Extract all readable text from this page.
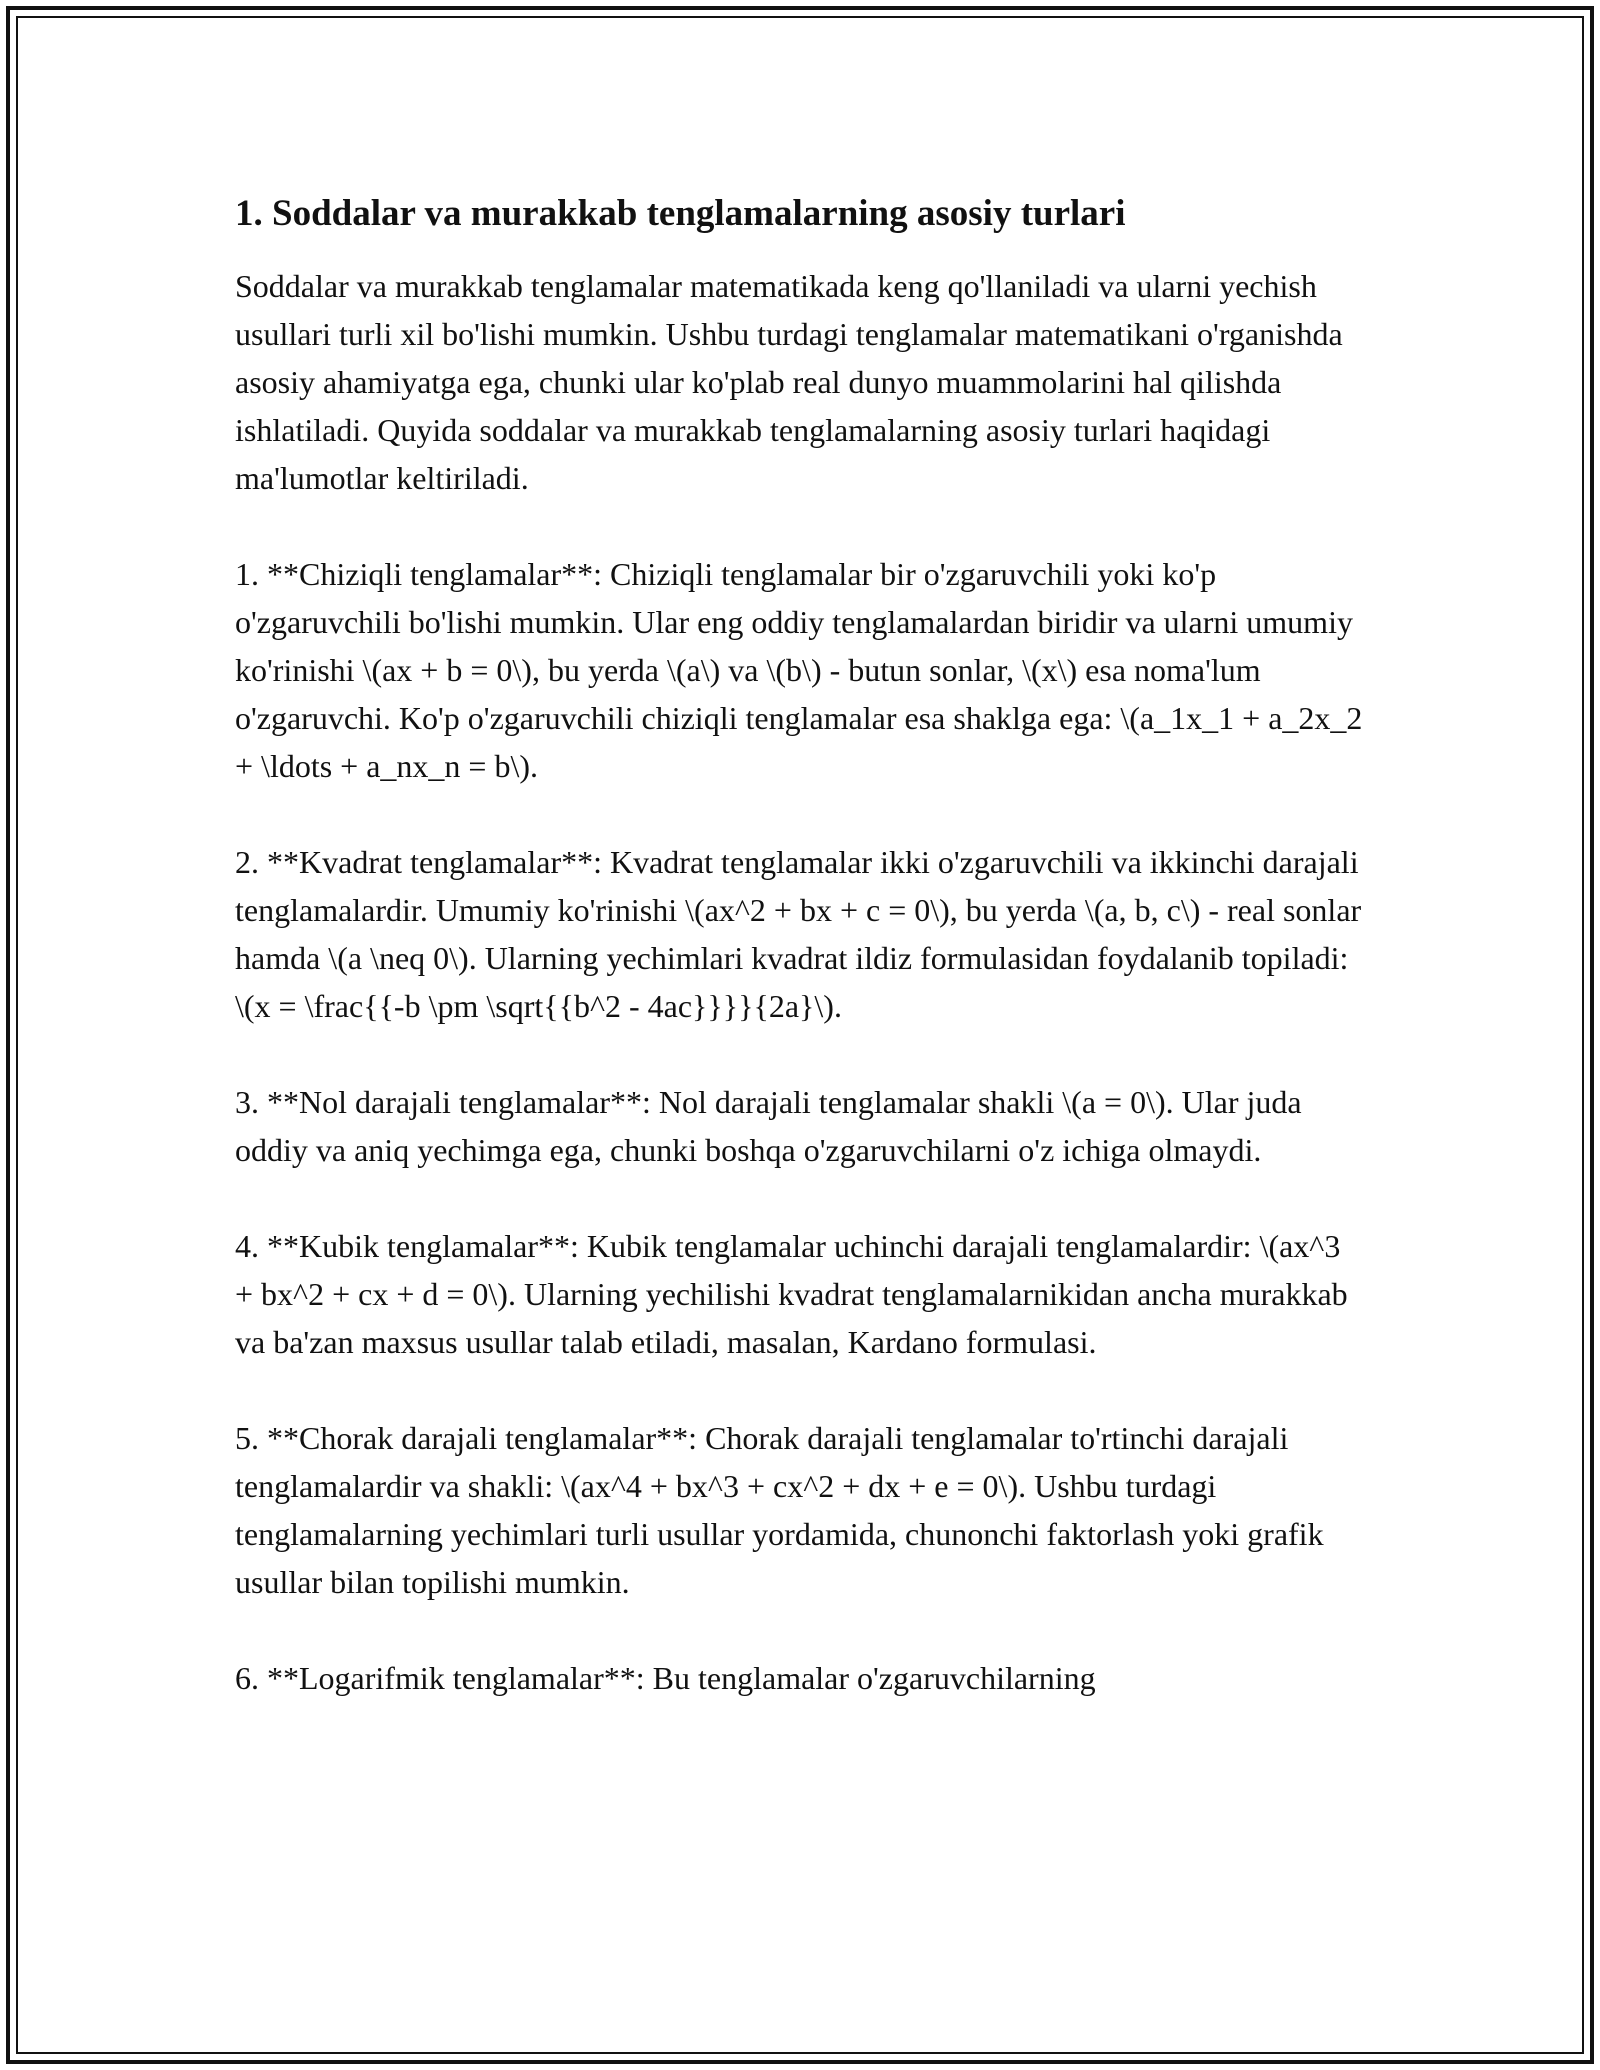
1. Soddalar va murakkab tenglamalarning asosiy turlari

Soddalar va murakkab tenglamalar matematikada keng qo'llaniladi va ularni yechish usullari turli xil bo'lishi mumkin. Ushbu turdagi tenglamalar matematikani o'rganishda asosiy ahamiyatga ega, chunki ular ko'plab real dunyo muammolarini hal qilishda ishlatiladi. Quyida soddalar va murakkab tenglamalarning asosiy turlari haqidagi ma'lumotlar keltiriladi.

1. **Chiziqli tenglamalar**: Chiziqli tenglamalar bir o'zgaruvchili yoki ko'p o'zgaruvchili bo'lishi mumkin. Ular eng oddiy tenglamalardan biridir va ularni umumiy ko'rinishi \(ax + b = 0\), bu yerda \(a\) va \(b\) - butun sonlar, \(x\) esa noma'lum o'zgaruvchi. Ko'p o'zgaruvchili chiziqli tenglamalar esa shaklga ega: \(a_1x_1 + a_2x_2 + \ldots + a_nx_n = b\).

2. **Kvadrat tenglamalar**: Kvadrat tenglamalar ikki o'zgaruvchili va ikkinchi darajali tenglamalardir. Umumiy ko'rinishi \(ax^2 + bx + c = 0\), bu yerda \(a, b, c\) - real sonlar hamda \(a \neq 0\). Ularning yechimlari kvadrat ildiz formulasidan foydalanib topiladi: \(x = \frac{{-b \pm \sqrt{{b^2 - 4ac}}}}{2a}\).

3. **Nol darajali tenglamalar**: Nol darajali tenglamalar shakli \(a = 0\). Ular juda oddiy va aniq yechimga ega, chunki boshqa o'zgaruvchilarni o'z ichiga olmaydi.

4. **Kubik tenglamalar**: Kubik tenglamalar uchinchi darajali tenglamalardir: \(ax^3 + bx^2 + cx + d = 0\). Ularning yechilishi kvadrat tenglamalarnikidan ancha murakkab va ba'zan maxsus usullar talab etiladi, masalan, Kardano formulasi.

5. **Chorak darajali tenglamalar**: Chorak darajali tenglamalar to'rtinchi darajali tenglamalardir va shakli: \(ax^4 + bx^3 + cx^2 + dx + e = 0\). Ushbu turdagi tenglamalarning yechimlari turli usullar yordamida, chunonchi faktorlash yoki grafik usullar bilan topilishi mumkin.

6. **Logarifmik tenglamalar**: Bu tenglamalar o'zgaruvchilarning
